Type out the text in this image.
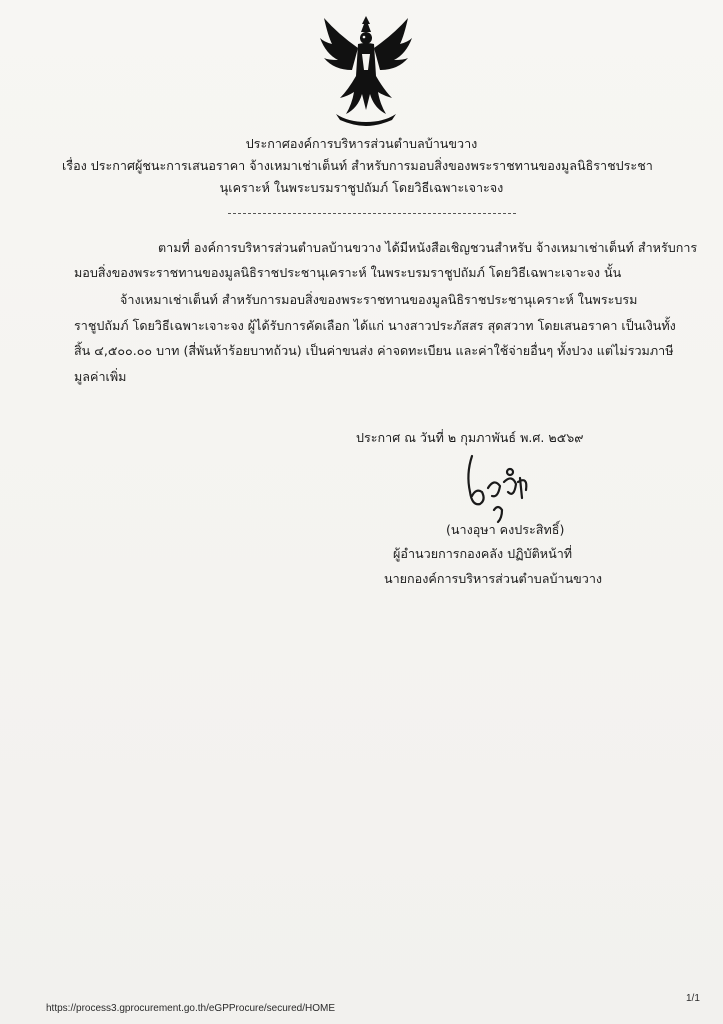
ประกาศองค์การบริหารส่วนตำบลบ้านขวาง
เรื่อง ประกาศผู้ชนะการเสนอราคา จ้างเหมาเช่าเต็นท์ สำหรับการมอบสิ่งของพระราชทานของมูลนิธิราชประชา
นุเคราะห์ ในพระบรมราชูปถัมภ์ โดยวิธีเฉพาะเจาะจง
ตามที่ องค์การบริหารส่วนตำบลบ้านขวาง ได้มีหนังสือเชิญชวนสำหรับ จ้างเหมาเช่าเต็นท์ สำหรับการ
มอบสิ่งของพระราชทานของมูลนิธิราชประชานุเคราะห์ ในพระบรมราชูปถัมภ์ โดยวิธีเฉพาะเจาะจง นั้น
จ้างเหมาเช่าเต็นท์ สำหรับการมอบสิ่งของพระราชทานของมูลนิธิราชประชานุเคราะห์ ในพระบรม
ราชูปถัมภ์ โดยวิธีเฉพาะเจาะจง ผู้ได้รับการคัดเลือก ได้แก่ นางสาวประภัสสร สุดสวาท โดยเสนอราคา เป็นเงินทั้ง
สิ้น ๔,๕๐๐.๐๐ บาท (สี่พันห้าร้อยบาทถ้วน) เป็นค่าขนส่ง ค่าจดทะเบียน และค่าใช้จ่ายอื่นๆ ทั้งปวง แต่ไม่รวมภาษี
มูลค่าเพิ่ม
ประกาศ ณ วันที่ ๒ กุมภาพันธ์ พ.ศ. ๒๕๖๙
(นางอุษา คงประสิทธิ์)
ผู้อำนวยการกองคลัง ปฏิบัติหน้าที่
นายกองค์การบริหารส่วนตำบลบ้านขวาง
https://process3.gprocurement.go.th/eGPProcure/secured/HOME
1/1
